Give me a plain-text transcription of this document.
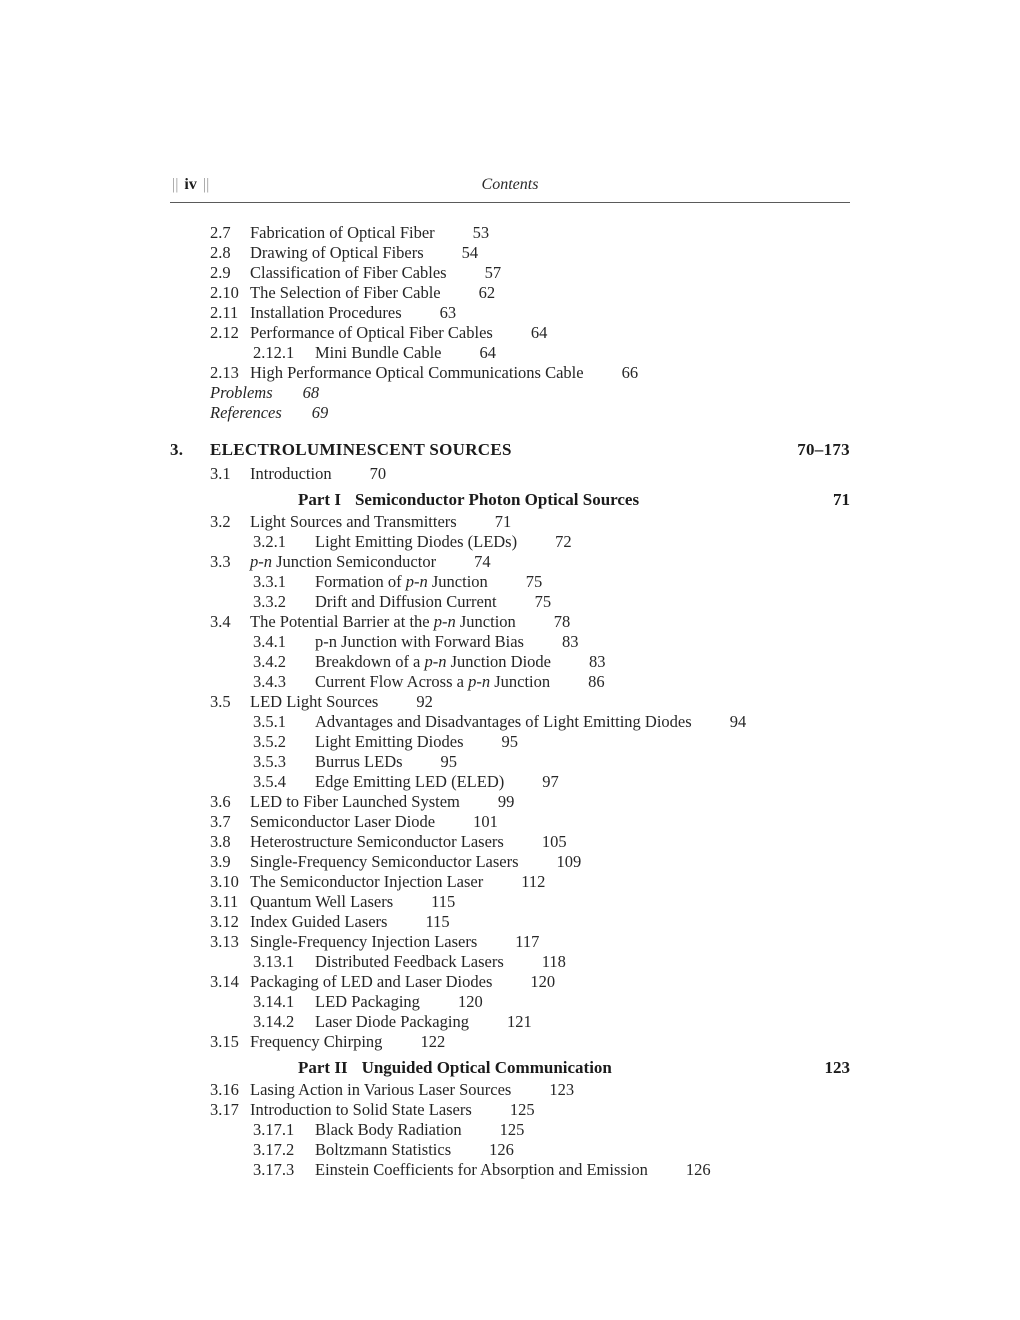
|| iv ||	Contents
2.7 Fabrication of Optical Fiber 53
2.8 Drawing of Optical Fibers 54
2.9 Classification of Fiber Cables 57
2.10 The Selection of Fiber Cable 62
2.11 Installation Procedures 63
2.12 Performance of Optical Fiber Cables 64
2.12.1 Mini Bundle Cable 64
2.13 High Performance Optical Communications Cable 66
Problems 68
References 69
3.	ELECTROLUMINESCENT SOURCES	70–173
3.1 Introduction 70
Part I Semiconductor Photon Optical Sources	71
3.2 Light Sources and Transmitters 71
3.2.1 Light Emitting Diodes (LEDs) 72
3.3 p-n Junction Semiconductor 74
3.3.1 Formation of p-n Junction 75
3.3.2 Drift and Diffusion Current 75
3.4 The Potential Barrier at the p-n Junction 78
3.4.1 p-n Junction with Forward Bias 83
3.4.2 Breakdown of a p-n Junction Diode 83
3.4.3 Current Flow Across a p-n Junction 86
3.5 LED Light Sources 92
3.5.1 Advantages and Disadvantages of Light Emitting Diodes 94
3.5.2 Light Emitting Diodes 95
3.5.3 Burrus LEDs 95
3.5.4 Edge Emitting LED (ELED) 97
3.6 LED to Fiber Launched System 99
3.7 Semiconductor Laser Diode 101
3.8 Heterostructure Semiconductor Lasers 105
3.9 Single-Frequency Semiconductor Lasers 109
3.10 The Semiconductor Injection Laser 112
3.11 Quantum Well Lasers 115
3.12 Index Guided Lasers 115
3.13 Single-Frequency Injection Lasers 117
3.13.1 Distributed Feedback Lasers 118
3.14 Packaging of LED and Laser Diodes 120
3.14.1 LED Packaging 120
3.14.2 Laser Diode Packaging 121
3.15 Frequency Chirping 122
Part II Unguided Optical Communication	123
3.16 Lasing Action in Various Laser Sources 123
3.17 Introduction to Solid State Lasers 125
3.17.1 Black Body Radiation 125
3.17.2 Boltzmann Statistics 126
3.17.3 Einstein Coefficients for Absorption and Emission 126
